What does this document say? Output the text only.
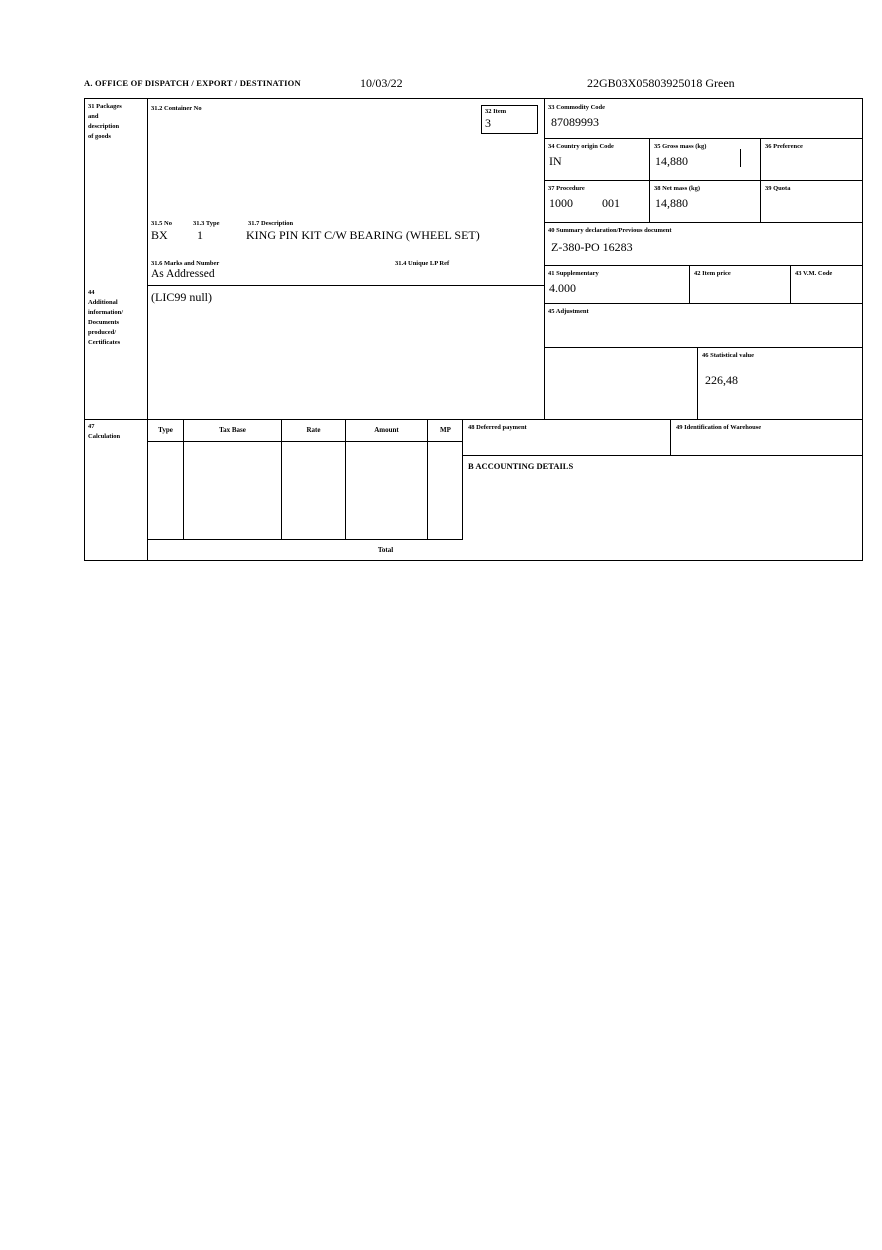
A. OFFICE OF DISPATCH / EXPORT / DESTINATION	10/03/22	22GB03X05803925018 Green
31 Packages
and
description
of goods
31.2 Container No
31.5 No	31.3 Type	31.7 Description
BX 1	KING PIN KIT C/W BEARING (WHEEL SET)
31.6 Marks and Number	31.4 Unique LP Ref
As Addressed
32 Item
3
33 Commodity Code
87089993
34 Country origin Code
IN
35 Gross mass (kg)
14,880
36 Preference
37 Procedure
1000 001
38 Net mass (kg)
14,880
39 Quota
40 Summary declaration/Previous document
Z-380-PO 16283
41 Supplementary
4.000
42 Item price	43 V.M. Code
45 Adjustment
46 Statistical value
226,48
44
Additional
information/
Documents
produced/
Certificates
(LIC99 null)
47
Calculation
Type	Tax Base	Rate	Amount	MP
Total
48 Deferred payment	49 Identification of Warehouse
B ACCOUNTING DETAILS
